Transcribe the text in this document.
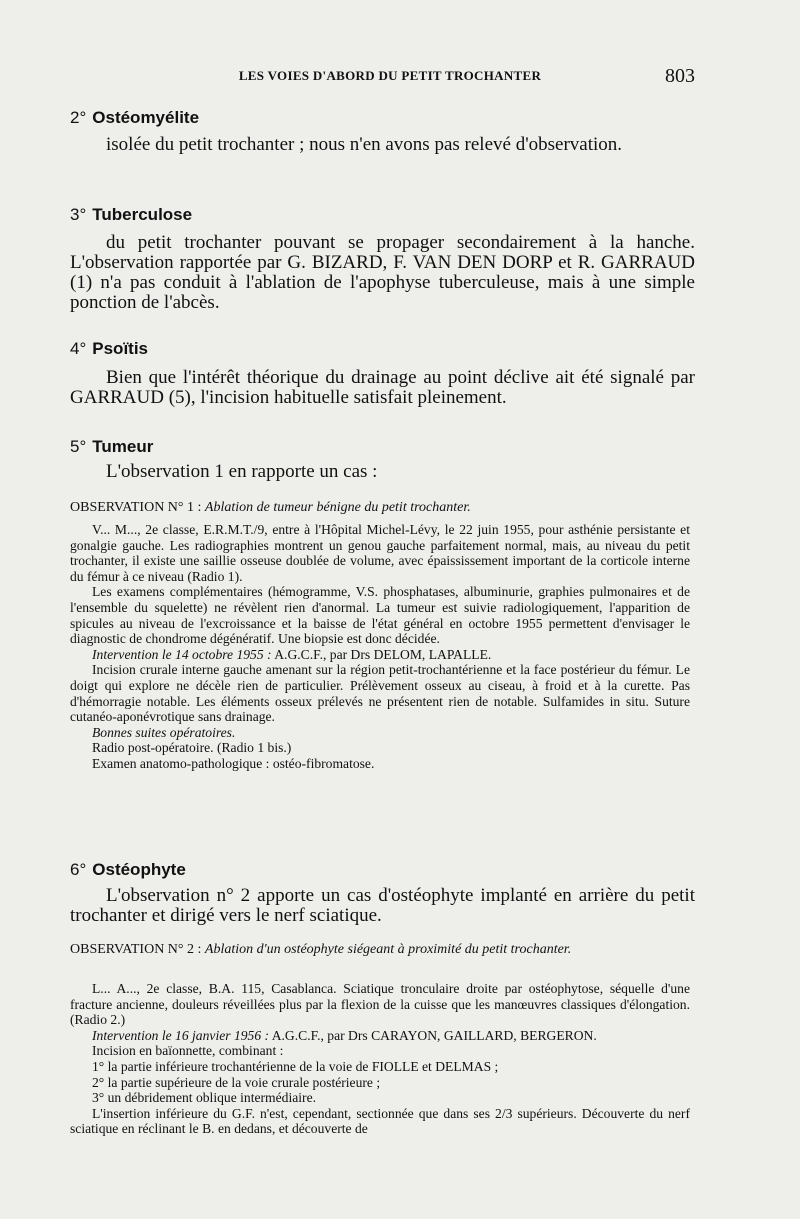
LES VOIES D'ABORD DU PETIT TROCHANTER	803
2° Ostéomyélite
isolée du petit trochanter ; nous n'en avons pas relevé d'observation.
3° Tuberculose
du petit trochanter pouvant se propager secondairement à la hanche. L'observation rapportée par G. BIZARD, F. VAN DEN DORP et R. GARRAUD (1) n'a pas conduit à l'ablation de l'apophyse tuberculeuse, mais à une simple ponction de l'abcès.
4° Psoïtis
Bien que l'intérêt théorique du drainage au point déclive ait été signalé par GARRAUD (5), l'incision habituelle satisfait pleinement.
5° Tumeur
L'observation 1 en rapporte un cas :
OBSERVATION N° 1 : Ablation de tumeur bénigne du petit trochanter.

V... M..., 2e classe, E.R.M.T./9, entre à l'Hôpital Michel-Lévy, le 22 juin 1955, pour asthénie persistante et gonalgie gauche. Les radiographies montrent un genou gauche parfaitement normal, mais, au niveau du petit trochanter, il existe une saillie osseuse doublée de volume, avec épaississement important de la corticole interne du fémur à ce niveau (Radio 1).

Les examens complémentaires (hémogramme, V.S. phosphatases, albuminurie, graphies pulmonaires et de l'ensemble du squelette) ne révèlent rien d'anormal. La tumeur est suivie radiologiquement, l'apparition de spicules au niveau de l'excroissance et la baisse de l'état général en octobre 1955 permettent d'envisager le diagnostic de chondrome dégénératif. Une biopsie est donc décidée.

Intervention le 14 octobre 1955 : A.G.C.F., par Drs DELOM, LAPALLE.

Incision crurale interne gauche amenant sur la région petit-trochantérienne et la face postérieur du fémur. Le doigt qui explore ne décèle rien de particulier. Prélèvement osseux au ciseau, à froid et à la curette. Pas d'hémorragie notable. Les éléments osseux prélevés ne présentent rien de notable. Sulfamides in situ. Suture cutanéo-aponévrotique sans drainage.

Bonnes suites opératoires.

Radio post-opératoire. (Radio 1 bis.)

Examen anatomo-pathologique : ostéo-fibromatose.

6° Ostéophyte
L'observation n° 2 apporte un cas d'ostéophyte implanté en arrière du petit trochanter et dirigé vers le nerf sciatique.
OBSERVATION N° 2 : Ablation d'un ostéophyte siégeant à proximité du petit trochanter.

L... A..., 2e classe, B.A. 115, Casablanca. Sciatique tronculaire droite par ostéophytose, séquelle d'une fracture ancienne, douleurs réveillées plus par la flexion de la cuisse que les manœuvres classiques d'élongation. (Radio 2.)

Intervention le 16 janvier 1956 : A.G.C.F., par Drs CARAYON, GAILLARD, BERGERON.

Incision en baïonnette, combinant :

1° la partie inférieure trochantérienne de la voie de FIOLLE et DELMAS ;

2° la partie supérieure de la voie crurale postérieure ;

3° un débridement oblique intermédiaire.

L'insertion inférieure du G.F. n'est, cependant, sectionnée que dans ses 2/3 supérieurs. Découverte du nerf sciatique en réclinant le B. en dedans, et découverte de
